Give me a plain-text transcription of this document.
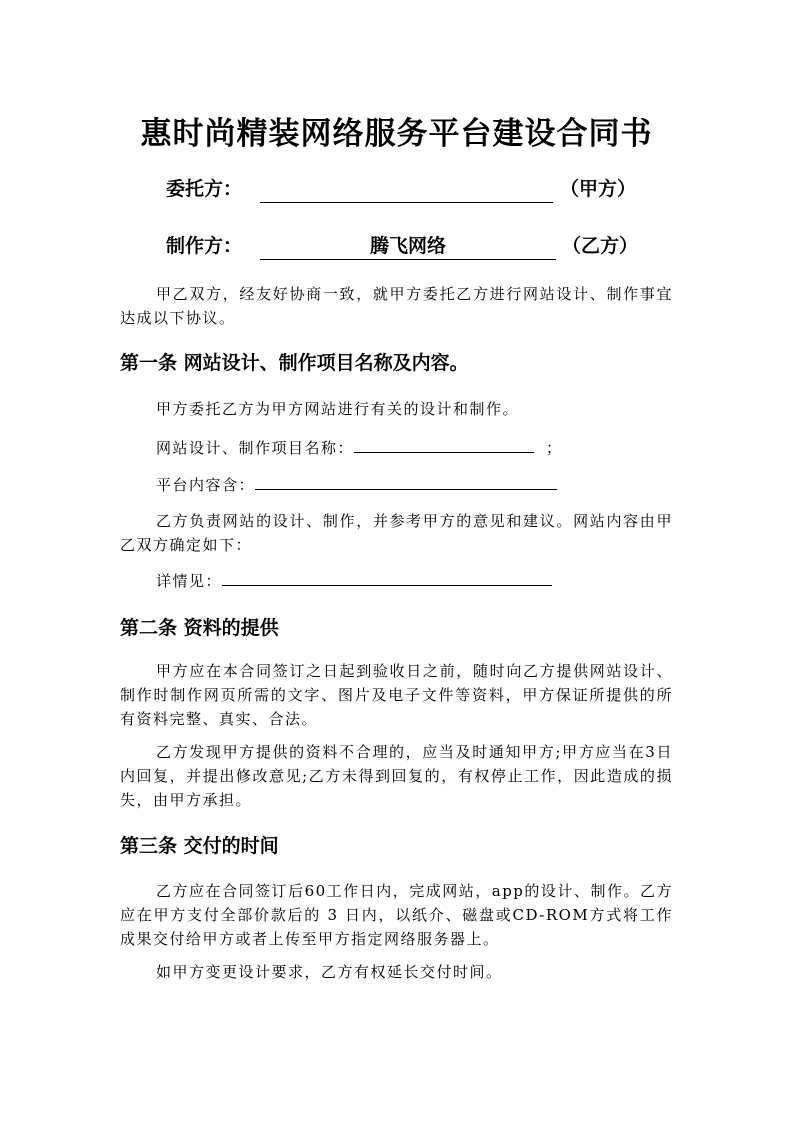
惠时尚精装网络服务平台建设合同书
委托方：	（甲方）
制作方：	腾飞网络	（乙方）

甲乙双方，经友好协商一致，就甲方委托乙方进行网站设计、制作事宜达成以下协议。

第一条 网站设计、制作项目名称及内容。

甲方委托乙方为甲方网站进行有关的设计和制作。

网站设计、制作项目名称：	；
平台内容含：

乙方负责网站的设计、制作，并参考甲方的意见和建议。网站内容由甲乙双方确定如下：

详情见：
第二条 资料的提供

甲方应在本合同签订之日起到验收日之前，随时向乙方提供网站设计、制作时制作网页所需的文字、图片及电子文件等资料，甲方保证所提供的所有资料完整、真实、合法。

乙方发现甲方提供的资料不合理的，应当及时通知甲方;甲方应当在3日内回复，并提出修改意见;乙方未得到回复的，有权停止工作，因此造成的损失，由甲方承担。

第三条 交付的时间

乙方应在合同签订后60工作日内，完成网站，app的设计、制作。乙方应在甲方支付全部价款后的 3 日内，以纸介、磁盘或CD-ROM方式将工作成果交付给甲方或者上传至甲方指定网络服务器上。

如甲方变更设计要求，乙方有权延长交付时间。
